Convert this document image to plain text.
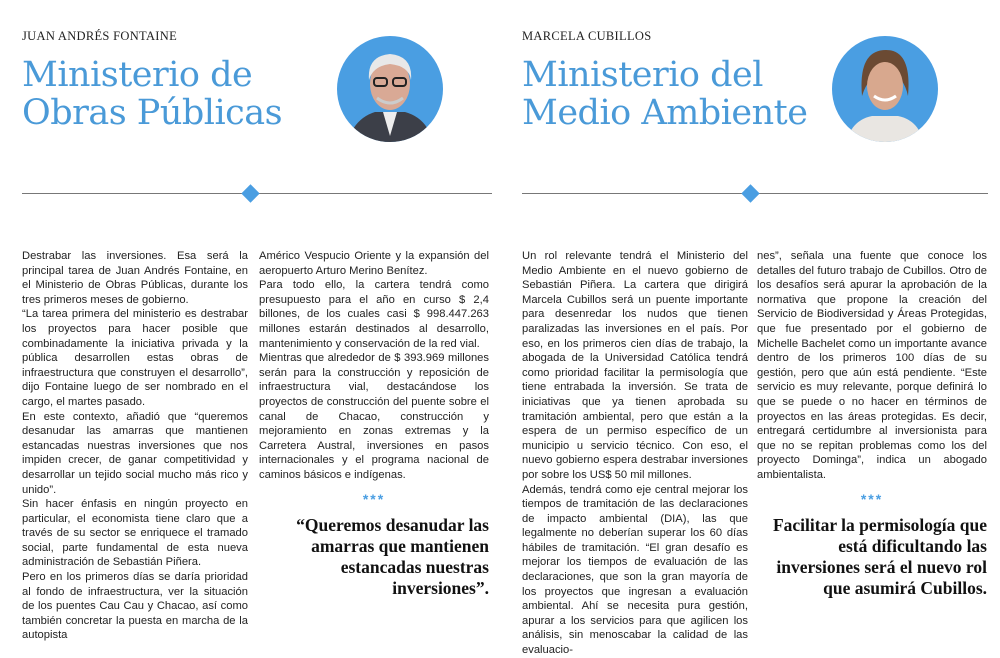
JUAN ANDRÉS FONTAINE
Ministerio de
Obras Públicas

Destrabar las inversiones. Esa será la principal tarea de Juan Andrés Fontaine, en el Ministerio de Obras Públicas, durante los tres primeros meses de gobierno.

“La tarea primera del ministerio es destrabar los proyectos para hacer posible que combinadamente la iniciativa privada y la pública desarrollen estas obras de infraestructura que construyen el desarrollo”, dijo Fontaine luego de ser nombrado en el cargo, el martes pasado.

En este contexto, añadió que “queremos desanudar las amarras que mantienen estancadas nuestras inversiones que nos impiden crecer, de ganar competitividad y desarrollar un tejido social mucho más rico y unido”.

Sin hacer énfasis en ningún proyecto en particular, el economista tiene claro que a través de su sector se enriquece el tramado social, parte fundamental de esta nueva administración de Sebastián Piñera.

Pero en los primeros días se daría prioridad al fondo de infraestructura, ver la situación de los puentes Cau Cau y Chacao, así como también concretar la puesta en marcha de la autopista

Américo Vespucio Oriente y la expansión del aeropuerto Arturo Merino Benítez.

Para todo ello, la cartera tendrá como presupuesto para el año en curso $ 2,4 billones, de los cuales casi $ 998.447.263 millones estarán destinados al desarrollo, mantenimiento y conservación de la red vial.

Mientras que alrededor de $ 393.969 millones serán para la construcción y reposición de infraestructura vial, destacándose los proyectos de construcción del puente sobre el canal de Chacao, construcción y mejoramiento en zonas extremas y la Carretera Austral, inversiones en pasos internacionales y el programa nacional de caminos básicos e indígenas.

***
“Queremos desanudar las amarras que mantienen estancadas nuestras inversiones”.
MARCELA CUBILLOS
Ministerio del
Medio Ambiente

Un rol relevante tendrá el Ministerio del Medio Ambiente en el nuevo gobierno de Sebastián Piñera. La cartera que dirigirá Marcela Cubillos será un puente importante para desenredar los nudos que tienen paralizadas las inversiones en el país. Por eso, en los primeros cien días de trabajo, la abogada de la Universidad Católica tendrá como prioridad facilitar la permisología que tiene entrabada la inversión. Se trata de iniciativas que ya tienen aprobada su tramitación ambiental, pero que están a la espera de un permiso específico de un municipio u servicio técnico. Con eso, el nuevo gobierno espera destrabar inversiones por sobre los US$ 50 mil millones.

Además, tendrá como eje central mejorar los tiempos de tramitación de las declaraciones de impacto ambiental (DIA), las que legalmente no deberían superar los 60 días hábiles de tramitación. “El gran desafío es mejorar los tiempos de evaluación de las declaraciones, que son la gran mayoría de los proyectos que ingresan a evaluación ambiental. Ahí se necesita pura gestión, apurar a los servicios para que agilicen los análisis, sin menoscabar la calidad de las evaluacio-

nes”, señala una fuente que conoce los detalles del futuro trabajo de Cubillos. Otro de los desafíos será apurar la aprobación de la normativa que propone la creación del Servicio de Biodiversidad y Áreas Protegidas, que fue presentado por el gobierno de Michelle Bachelet como un importante avance dentro de los primeros 100 días de su gestión, pero que aún está pendiente. “Este servicio es muy relevante, porque definirá lo que se puede o no hacer en términos de proyectos en las áreas protegidas. Es decir, entregará certidumbre al inversionista para que no se repitan problemas como los del proyecto Dominga”, indica un abogado ambientalista.

***
Facilitar la permisología que está dificultando las inversiones será el nuevo rol que asumirá Cubillos.
